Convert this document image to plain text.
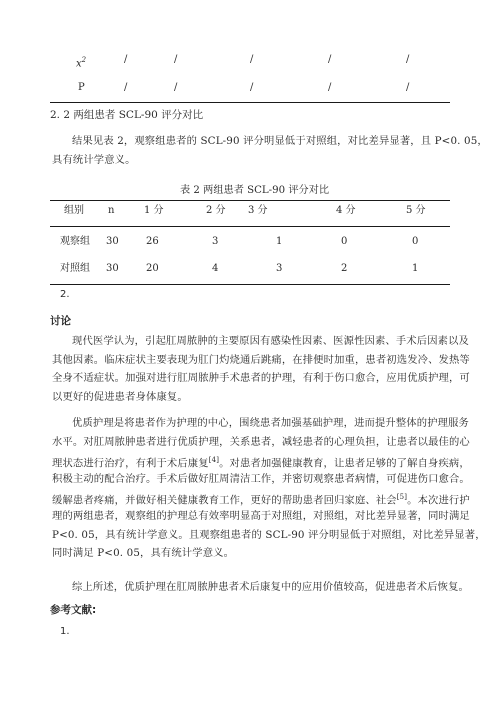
$x^2$	/	/	/	/	/
P	/	/	/	/	/
2. 2 两组患者 SCL-90 评分对比
结果见表 2，观察组患者的 SCL-90 评分明显低于对照组，对比差异显著，且 P<0. 05，
具有统计学意义。
表 2 两组患者 SCL-90 评分对比
组别 n	1 分	2 分 3 分	4 分	5 分
观察组 30	26	3	1	0	0
对照组 30	20	4	3	2	1
2.
讨论
现代医学认为，引起肛周脓肿的主要原因有感染性因素、医源性因素、手术后因素以及
其他因素。临床症状主要表现为肛门灼烧通后跳痛，在排便时加重，患者初选发冷、发热等
全身不适症状。加强对进行肛周脓肿手术患者的护理，有利于伤口愈合，应用优质护理，可
以更好的促进患者身体康复。
优质护理是将患者作为护理的中心，围绕患者加强基础护理，进而提升整体的护理服务
水平。对肛周脓肿患者进行优质护理，关系患者，减轻患者的心理负担，让患者以最佳的心
理状态进行治疗，有利于术后康复[4]。对患者加强健康教育，让患者足够的了解自身疾病，
积极主动的配合治疗。手术后做好肛周清洁工作，并密切观察患者病情，可促进伤口愈合。
缓解患者疼痛，并做好相关健康教育工作，更好的帮助患者回归家庭、社会[5]。本次进行护
理的两组患者，观察组的护理总有效率明显高于对照组，对照组，对比差异显著，同时满足
P<0. 05，具有统计学意义。且观察组患者的 SCL-90 评分明显低于对照组，对比差异显著，
同时满足 P<0. 05，具有统计学意义。
综上所述，优质护理在肛周脓肿患者术后康复中的应用价值较高，促进患者术后恢复。
参考文献:
1.
